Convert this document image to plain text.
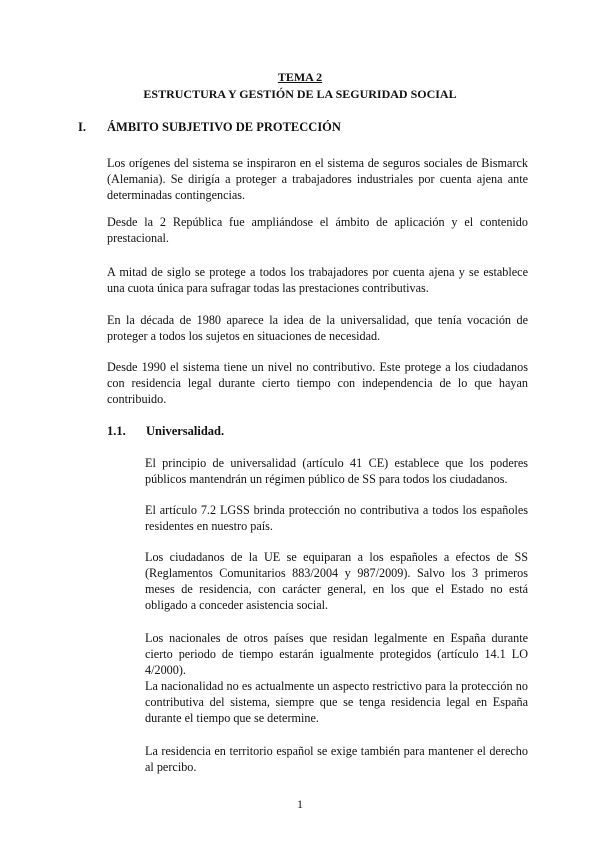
TEMA 2
ESTRUCTURA Y GESTIÓN DE LA SEGURIDAD SOCIAL
I. ÁMBITO SUBJETIVO DE PROTECCIÓN

Los orígenes del sistema se inspiraron en el sistema de seguros sociales de Bismarck (Alemania). Se dirigía a proteger a trabajadores industriales por cuenta ajena ante determinadas contingencias.

Desde la 2 República fue ampliándose el ámbito de aplicación y el contenido prestacional.

A mitad de siglo se protege a todos los trabajadores por cuenta ajena y se establece una cuota única para sufragar todas las prestaciones contributivas.

En la década de 1980 aparece la idea de la universalidad, que tenía vocación de proteger a todos los sujetos en situaciones de necesidad.

Desde 1990 el sistema tiene un nivel no contributivo. Este protege a los ciudadanos con residencia legal durante cierto tiempo con independencia de lo que hayan contribuido.

1.1. Universalidad.

El principio de universalidad (artículo 41 CE) establece que los poderes públicos mantendrán un régimen público de SS para todos los ciudadanos.

El artículo 7.2 LGSS brinda protección no contributiva a todos los españoles residentes en nuestro país.

Los ciudadanos de la UE se equiparan a los españoles a efectos de SS (Reglamentos Comunitarios 883/2004 y 987/2009). Salvo los 3 primeros meses de residencia, con carácter general, en los que el Estado no está obligado a conceder asistencia social.

Los nacionales de otros países que residan legalmente en España durante cierto periodo de tiempo estarán igualmente protegidos (artículo 14.1 LO 4/2000).

La nacionalidad no es actualmente un aspecto restrictivo para la protección no contributiva del sistema, siempre que se tenga residencia legal en España durante el tiempo que se determine.

La residencia en territorio español se exige también para mantener el derecho al percibo.

1
